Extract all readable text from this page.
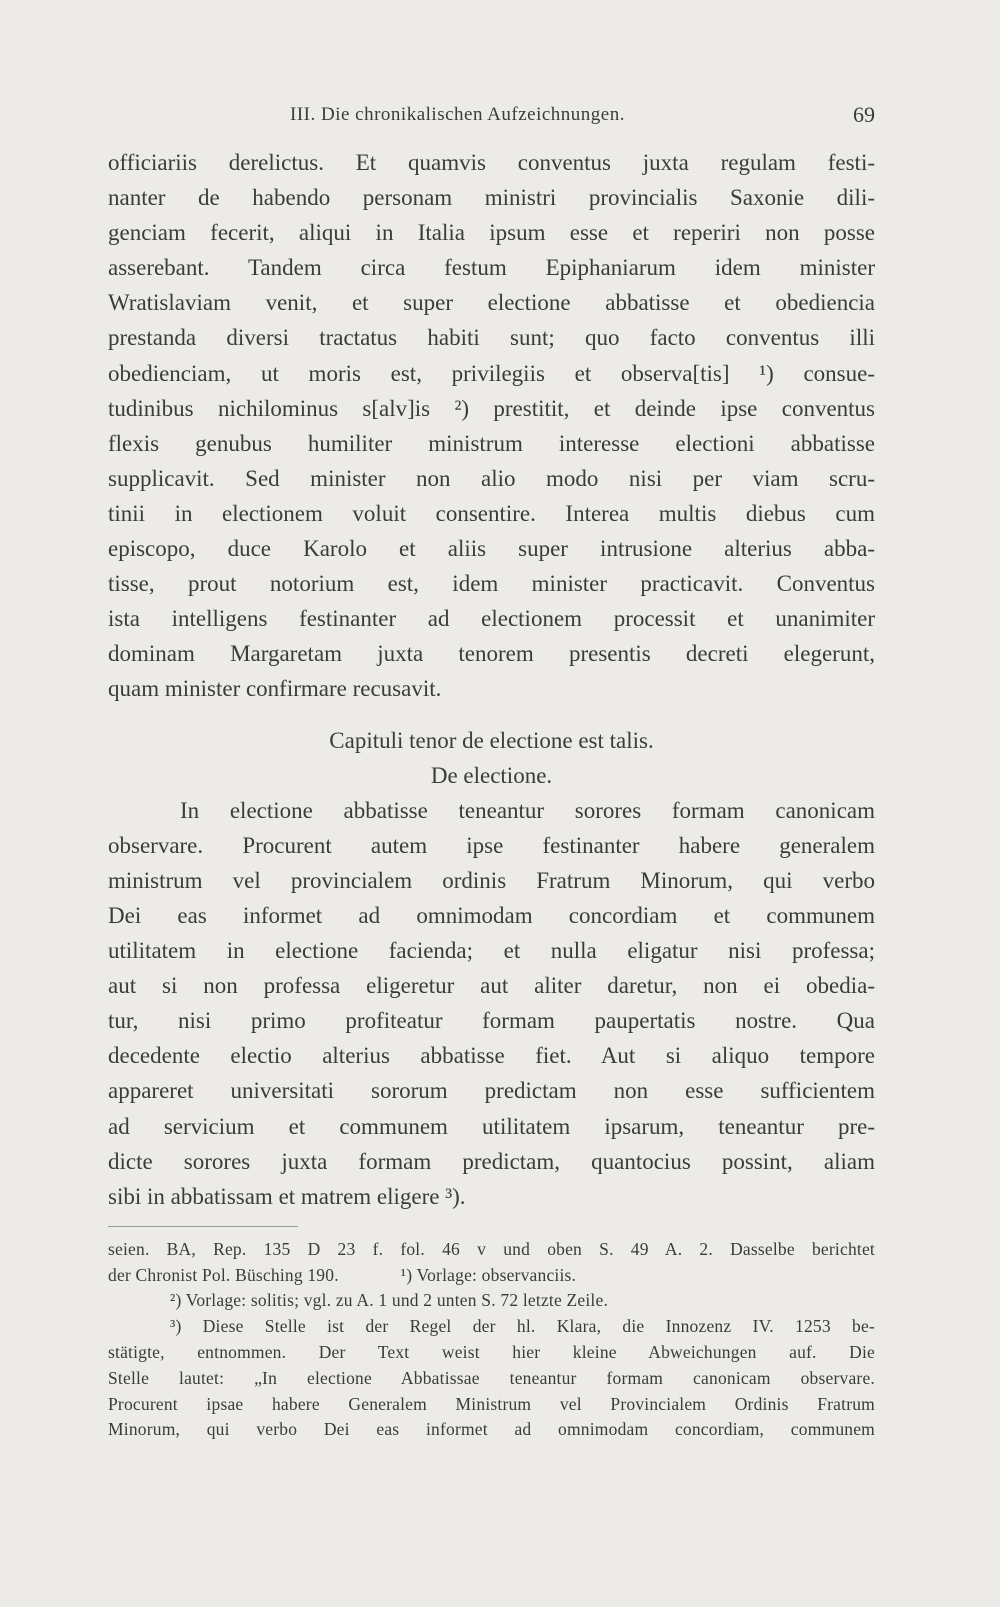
III. Die chronikalischen Aufzeichnungen.	69
officiariis derelictus. Et quamvis conventus juxta regulam festi-
nanter de habendo personam ministri provincialis Saxonie dili-
genciam fecerit, aliqui in Italia ipsum esse et reperiri non posse
asserebant. Tandem circa festum Epiphaniarum idem minister
Wratislaviam venit, et super electione abbatisse et obediencia
prestanda diversi tractatus habiti sunt; quo facto conventus illi
obedienciam, ut moris est, privilegiis et observa[tis] ¹) consue-
tudinibus nichilominus s[alv]is ²) prestitit, et deinde ipse conventus
flexis genubus humiliter ministrum interesse electioni abbatisse
supplicavit. Sed minister non alio modo nisi per viam scru-
tinii in electionem voluit consentire. Interea multis diebus cum
episcopo, duce Karolo et aliis super intrusione alterius abba-
tisse, prout notorium est, idem minister practicavit. Conventus
ista intelligens festinanter ad electionem processit et unanimiter
dominam Margaretam juxta tenorem presentis decreti elegerunt,
quam minister confirmare recusavit.
Capituli tenor de electione est talis.
De electione.
In electione abbatisse teneantur sorores formam canonicam
observare. Procurent autem ipse festinanter habere generalem
ministrum vel provincialem ordinis Fratrum Minorum, qui verbo
Dei eas informet ad omnimodam concordiam et communem
utilitatem in electione facienda; et nulla eligatur nisi professa;
aut si non professa eligeretur aut aliter daretur, non ei obedia-
tur, nisi primo profiteatur formam paupertatis nostre. Qua
decedente electio alterius abbatisse fiet. Aut si aliquo tempore
appareret universitati sororum predictam non esse sufficientem
ad servicium et communem utilitatem ipsarum, teneantur pre-
dicte sorores juxta formam predictam, quantocius possint, aliam
sibi in abbatissam et matrem eligere ³).
seien. BA, Rep. 135 D 23 f. fol. 46 v und oben S. 49 A. 2. Dasselbe berichtet
der Chronist Pol. Büsching 190.	¹) Vorlage: observanciis.
²) Vorlage: solitis; vgl. zu A. 1 und 2 unten S. 72 letzte Zeile.
³) Diese Stelle ist der Regel der hl. Klara, die Innozenz IV. 1253 be-
stätigte, entnommen. Der Text weist hier kleine Abweichungen auf. Die
Stelle lautet: „In electione Abbatissae teneantur formam canonicam observare.
Procurent ipsae habere Generalem Ministrum vel Provincialem Ordinis Fratrum
Minorum, qui verbo Dei eas informet ad omnimodam concordiam, communem
